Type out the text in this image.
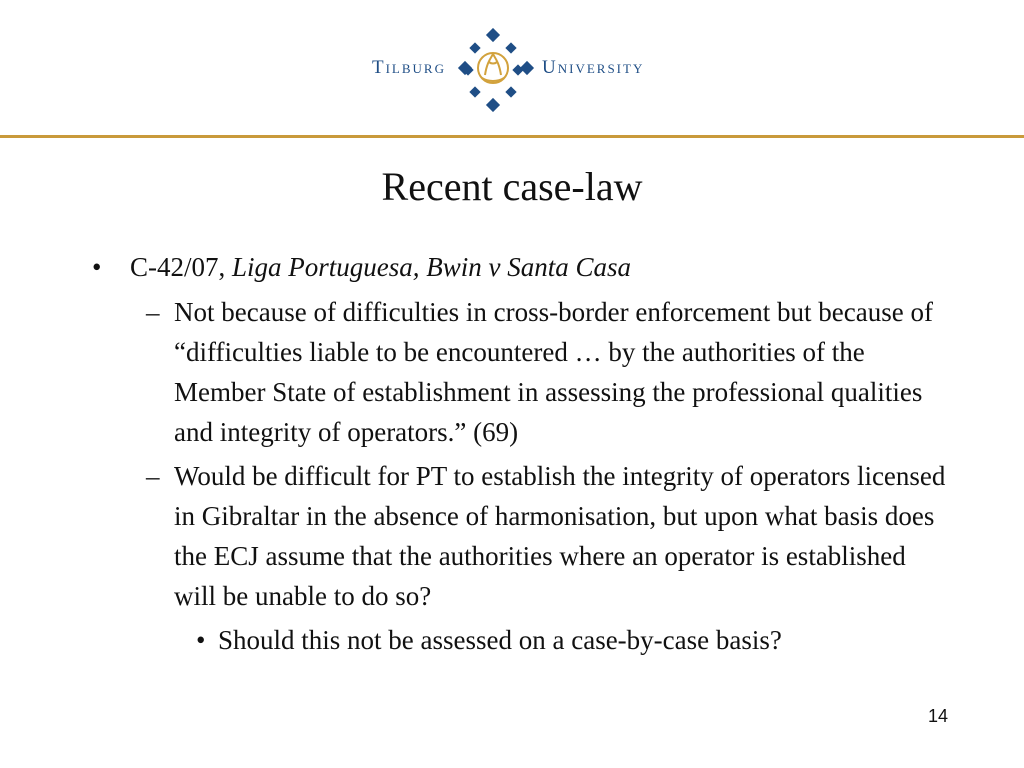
Tilburg	University
Recent case-law
• C-42/07, Liga Portuguesa, Bwin v Santa Casa
– Not because of difficulties in cross-border enforcement but because of “difficulties liable to be encountered … by the authorities of the Member State of establishment in assessing the professional qualities and integrity of operators.” (69)
– Would be difficult for PT to establish the integrity of operators licensed in Gibraltar in the absence of harmonisation, but upon what basis does the ECJ assume that the authorities where an operator is established will be unable to do so?
• Should this not be assessed on a case-by-case basis?
14
